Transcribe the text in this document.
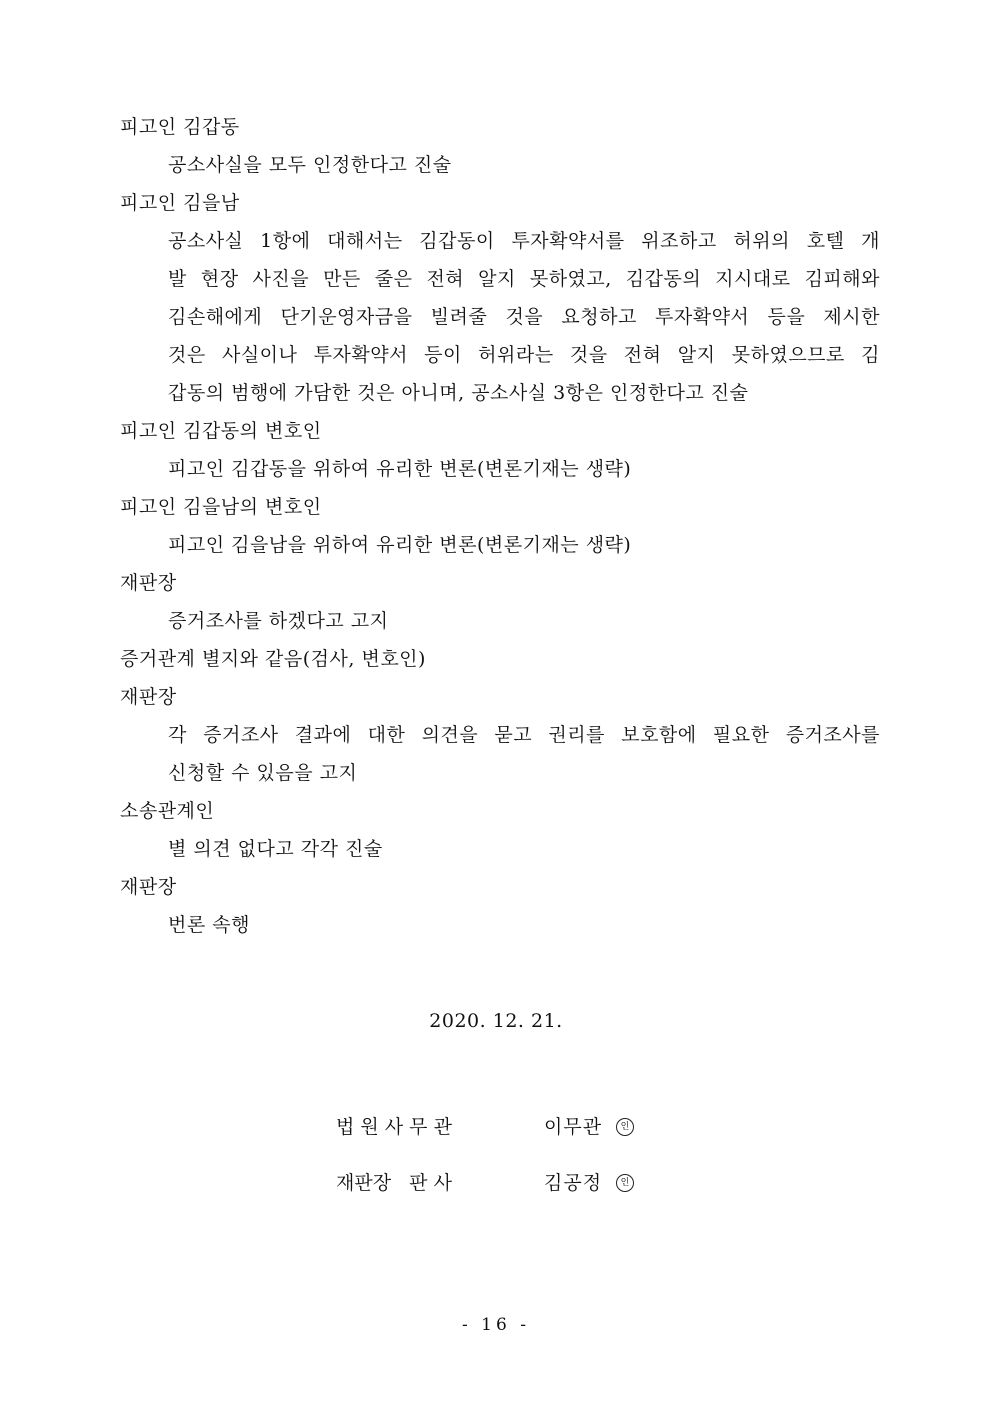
피고인 김갑동
공소사실을 모두 인정한다고 진술
피고인 김을남
공소사실 1항에 대해서는 김갑동이 투자확약서를 위조하고 허위의 호텔 개
발 현장 사진을 만든 줄은 전혀 알지 못하였고, 김갑동의 지시대로 김피해와
김손해에게 단기운영자금을 빌려줄 것을 요청하고 투자확약서 등을 제시한
것은 사실이나 투자확약서 등이 허위라는 것을 전혀 알지 못하였으므로 김
갑동의 범행에 가담한 것은 아니며, 공소사실 3항은 인정한다고 진술
피고인 김갑동의 변호인
피고인 김갑동을 위하여 유리한 변론(변론기재는 생략)
피고인 김을남의 변호인
피고인 김을남을 위하여 유리한 변론(변론기재는 생략)
재판장
증거조사를 하겠다고 고지
증거관계 별지와 같음(검사, 변호인)
재판장
각 증거조사 결과에 대한 의견을 묻고 권리를 보호함에 필요한 증거조사를
신청할 수 있음을 고지
소송관계인
별 의견 없다고 각각 진술
재판장
번론 속행
2020. 12. 21.
법 원 사 무 관	이무관	인
재판장   판 사	김공정	인
- 16 -
